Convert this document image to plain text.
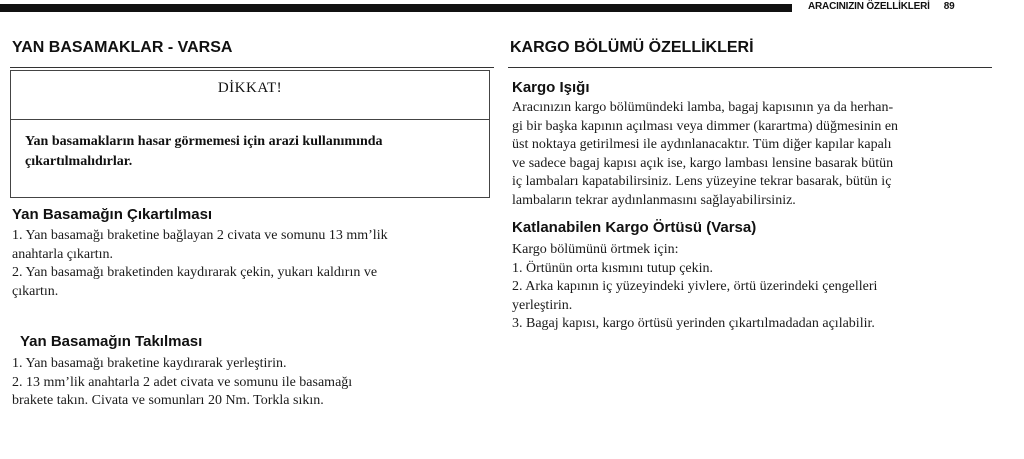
ARACINIZIN ÖZELLİKLERİ 89
YAN BASAMAKLAR - VARSA
DİKKAT!
Yan basamakların hasar görmemesi için arazi kullanımında
çıkartılmalıdırlar.
Yan Basamağın Çıkartılması
1. Yan basamağı braketine bağlayan 2 civata ve somunu 13 mm’lik
anahtarla çıkartın.
2. Yan basamağı braketinden kaydırarak çekin, yukarı kaldırın ve
çıkartın.
Yan Basamağın Takılması
1. Yan basamağı braketine kaydırarak yerleştirin.
2. 13 mm’lik anahtarla 2 adet civata ve somunu ile basamağı
brakete takın. Civata ve somunları 20 Nm. Torkla sıkın.
KARGO BÖLÜMÜ ÖZELLİKLERİ
Kargo Işığı
Aracınızın kargo bölümündeki lamba, bagaj kapısının ya da herhan-
gi bir başka kapının açılması veya dimmer (karartma) düğmesinin en
üst noktaya getirilmesi ile aydınlanacaktır. Tüm diğer kapılar kapalı
ve sadece bagaj kapısı açık ise, kargo lambası lensine basarak bütün
iç lambaları kapatabilirsiniz. Lens yüzeyine tekrar basarak, bütün iç
lambaların tekrar aydınlanmasını sağlayabilirsiniz.
Katlanabilen Kargo Örtüsü (Varsa)
Kargo bölümünü örtmek için:
1. Örtünün orta kısmını tutup çekin.
2. Arka kapının iç yüzeyindeki yivlere, örtü üzerindeki çengelleri
yerleştirin.
3. Bagaj kapısı, kargo örtüsü yerinden çıkartılmadadan açılabilir.
